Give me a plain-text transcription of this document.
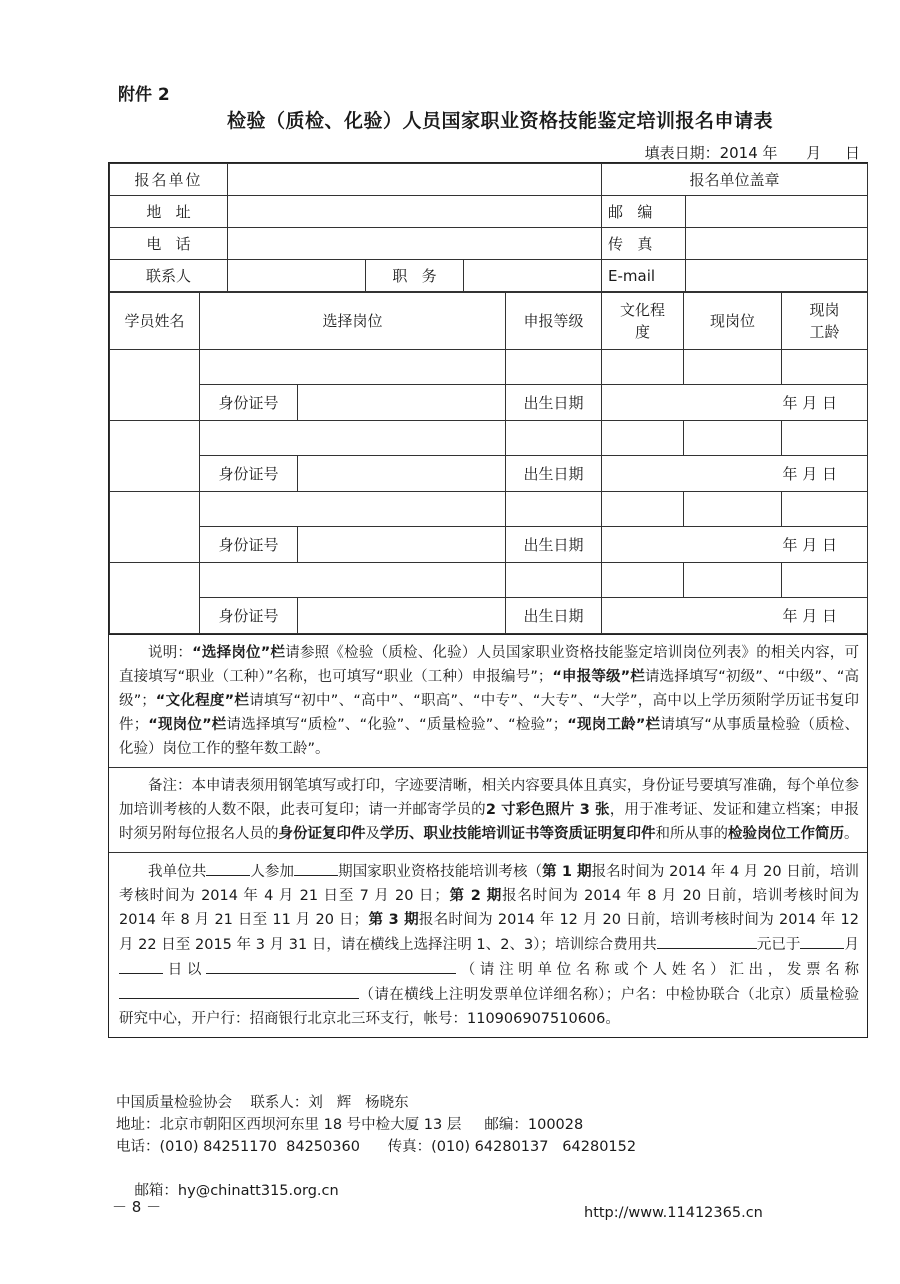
附件 2
检验（质检、化验）人员国家职业资格技能鉴定培训报名申请表
填表日期：2014 年      月     日
报名单位				报名单位盖章	
地   址				邮   编	
电   话				传   真	
联系人		职   务		E-mail	
学员姓名	选择岗位		申报等级	文化程度	现岗位	现岗工龄

	身份证号		出生日期	年 月 日		

	身份证号		出生日期	年 月 日		

	身份证号		出生日期	年 月 日		

	身份证号		出生日期	年 月 日		
说明：“选择岗位”栏请参照《检验（质检、化验）人员国家职业资格技能鉴定培训岗位列表》的相关内容，可直接填写“职业（工种）”名称，也可填写“职业（工种）申报编号”；“申报等级”栏请选择填写“初级”、“中级”、“高级”；“文化程度”栏请填写“初中”、“高中”、“职高”、“中专”、“大专”、“大学”，高中以上学历须附学历证书复印件；“现岗位”栏请选择填写“质检”、“化验”、“质量检验”、“检验”；“现岗工龄”栏请填写“从事质量检验（质检、化验）岗位工作的整年数工龄”。
备注：本申请表须用钢笔填写或打印，字迹要清晰，相关内容要具体且真实，身份证号要填写准确，每个单位参加培训考核的人数不限，此表可复印；请一并邮寄学员的2 寸彩色照片 3 张，用于准考证、发证和建立档案；申报时须另附每位报名人员的身份证复印件及学历、职业技能培训证书等资质证明复印件和所从事的检验岗位工作简历。
我单位共	人参加	期国家职业资格技能培训考核（第 1 期报名时间为 2014 年 4 月 20 日前，培训考核时间为 2014 年 4 月 21 日至 7 月 20 日；第 2 期报名时间为 2014 年 8 月 20 日前，培训考核时间为 2014 年 8 月 21 日至 11 月 20 日；第 3 期报名时间为 2014 年 12 月 20 日前，培训考核时间为 2014 年 12 月 22 日至 2015 年 3 月 31 日，请在横线上选择注明 1、2、3）；培训综合费用共	元已于	月日以	（请注明单位名称或个人姓名）汇出，发票名称（请在横线上注明发票单位详细名称）；户名：中检协联合（北京）质量检验研究中心，开户行：招商银行北京北三环支行，帐号：110906907510606。
中国质量检验协会    联系人：刘   辉   杨晓东
地址：北京市朝阳区西坝河东里 18 号中检大厦 13 层     邮编：100028
电话：(010) 84251170  84250360      传真：(010) 64280137   64280152

邮箱：hy@chinatt315.org.cn

http://www.11412365.cn

－ 8 －
